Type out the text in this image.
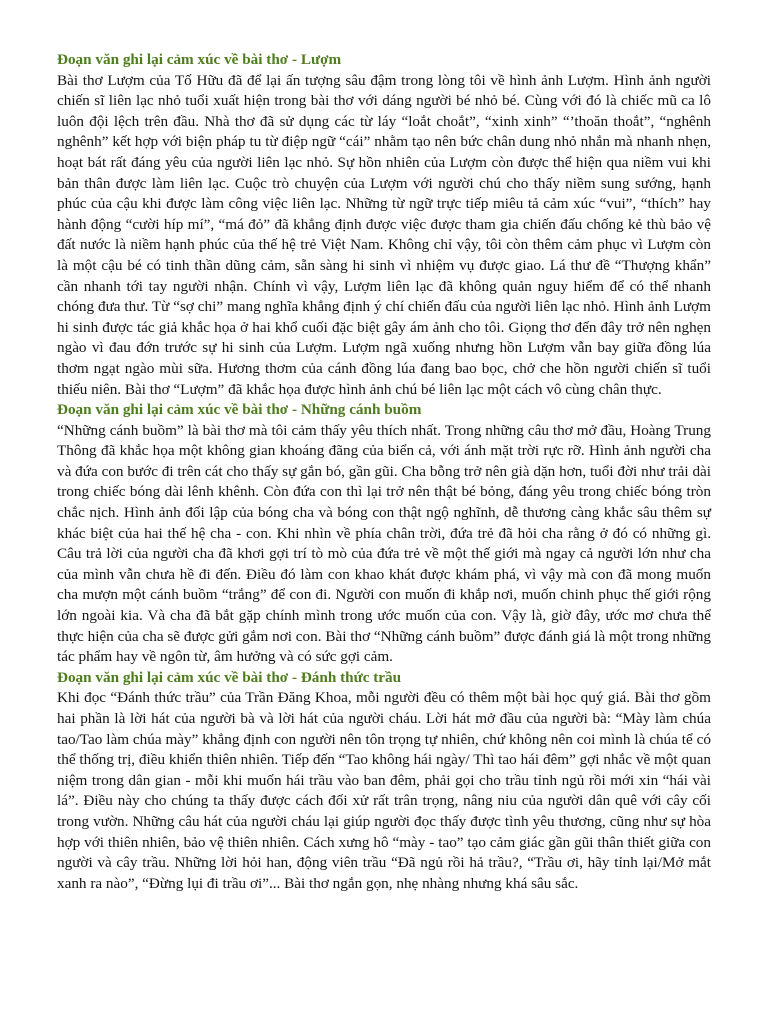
Đoạn văn ghi lại cảm xúc về bài thơ - Lượm
Bài thơ Lượm của Tố Hữu đã để lại ấn tượng sâu đậm trong lòng tôi về hình ảnh Lượm. Hình ảnh người chiến sĩ liên lạc nhỏ tuổi xuất hiện trong bài thơ với dáng người bé nhỏ bé. Cùng với đó là chiếc mũ ca lô luôn đội lệch trên đầu. Nhà thơ đã sử dụng các từ láy “loắt choắt”, “xinh xinh” “’thoăn thoắt”, “nghênh nghênh” kết hợp với biện pháp tu từ điệp ngữ “cái” nhằm tạo nên bức chân dung nhỏ nhắn mà nhanh nhẹn, hoạt bát rất đáng yêu của người liên lạc nhỏ. Sự hồn nhiên của Lượm còn được thể hiện qua niềm vui khi bản thân được làm liên lạc. Cuộc trò chuyện của Lượm với người chú cho thấy niềm sung sướng, hạnh phúc của cậu khi được làm công việc liên lạc. Những từ ngữ trực tiếp miêu tả cảm xúc “vui”, “thích” hay hành động “cười híp mí”, “má đỏ” đã khẳng định được việc được tham gia chiến đấu chống kẻ thù bảo vệ đất nước là niềm hạnh phúc của thế hệ trẻ Việt Nam. Không chỉ vậy, tôi còn thêm cảm phục vì Lượm còn là một cậu bé có tinh thần dũng cảm, sẵn sàng hi sinh vì nhiệm vụ được giao. Lá thư đề “Thượng khẩn” cần nhanh tới tay người nhận. Chính vì vậy, Lượm liên lạc đã không quản nguy hiểm để có thể nhanh chóng đưa thư. Từ “sợ chi” mang nghĩa khẳng định ý chí chiến đấu của người liên lạc nhỏ. Hình ảnh Lượm hi sinh được tác giả khắc họa ở hai khổ cuối đặc biệt gây ám ảnh cho tôi. Giọng thơ đến đây trở nên nghẹn ngào vì đau đớn trước sự hi sinh của Lượm. Lượm ngã xuống nhưng hồn Lượm vẫn bay giữa đồng lúa thơm ngạt ngào mùi sữa. Hương thơm của cánh đồng lúa đang bao bọc, chở che hồn người chiến sĩ tuổi thiếu niên. Bài thơ “Lượm” đã khắc họa được hình ảnh chú bé liên lạc một cách vô cùng chân thực.
Đoạn văn ghi lại cảm xúc về bài thơ - Những cánh buồm
“Những cánh buồm” là bài thơ mà tôi cảm thấy yêu thích nhất. Trong những câu thơ mở đầu, Hoàng Trung Thông đã khắc họa một không gian khoáng đãng của biển cả, với ánh mặt trời rực rỡ. Hình ảnh người cha và đứa con bước đi trên cát cho thấy sự gắn bó, gần gũi. Cha bỗng trở nên già dặn hơn, tuổi đời như trải dài trong chiếc bóng dài lênh khênh. Còn đứa con thì lại trở nên thật bé bỏng, đáng yêu trong chiếc bóng tròn chắc nịch. Hình ảnh đối lập của bóng cha và bóng con thật ngộ nghĩnh, dễ thương càng khắc sâu thêm sự khác biệt của hai thế hệ cha - con. Khi nhìn về phía chân trời, đứa trẻ đã hỏi cha rằng ở đó có những gì. Câu trả lời của người cha đã khơi gợi trí tò mò của đứa trẻ về một thế giới mà ngay cả người lớn như cha của mình vẫn chưa hề đi đến. Điều đó làm con khao khát được khám phá, vì vậy mà con đã mong muốn cha mượn một cánh buồm “trắng” để con đi. Người con muốn đi khắp nơi, muốn chinh phục thế giới rộng lớn ngoài kia. Và cha đã bắt gặp chính mình trong ước muốn của con. Vậy là, giờ đây, ước mơ chưa thể thực hiện của cha sẽ được gửi gắm nơi con. Bài thơ “Những cánh buồm” được đánh giá là một trong những tác phẩm hay về ngôn từ, âm hưởng và có sức gợi cảm.
Đoạn văn ghi lại cảm xúc về bài thơ - Đánh thức trầu
Khi đọc “Đánh thức trầu” của Trần Đăng Khoa, mỗi người đều có thêm một bài học quý giá. Bài thơ gồm hai phần là lời hát của người bà và lời hát của người cháu. Lời hát mở đầu của người bà: “Mày làm chúa tao/Tao làm chúa mày” khẳng định con người nên tôn trọng tự nhiên, chứ không nên coi mình là chúa tể có thể thống trị, điều khiển thiên nhiên. Tiếp đến “Tao không hái ngày/ Thì tao hái đêm” gợi nhắc về một quan niệm trong dân gian - mỗi khi muốn hái trầu vào ban đêm, phải gọi cho trầu tỉnh ngủ rồi mới xin “hái vài lá”. Điều này cho chúng ta thấy được cách đối xử rất trân trọng, nâng niu của người dân quê với cây cối trong vườn. Những câu hát của người cháu lại giúp người đọc thấy được tình yêu thương, cũng như sự hòa hợp với thiên nhiên, bảo vệ thiên nhiên. Cách xưng hô “mày - tao” tạo cảm giác gần gũi thân thiết giữa con người và cây trầu. Những lời hỏi han, động viên trầu “Đã ngủ rồi hả trầu?, “Trầu ơi, hãy tỉnh lại/Mở mắt xanh ra nào”, “Đừng lụi đi trầu ơi”... Bài thơ ngắn gọn, nhẹ nhàng nhưng khá sâu sắc.
